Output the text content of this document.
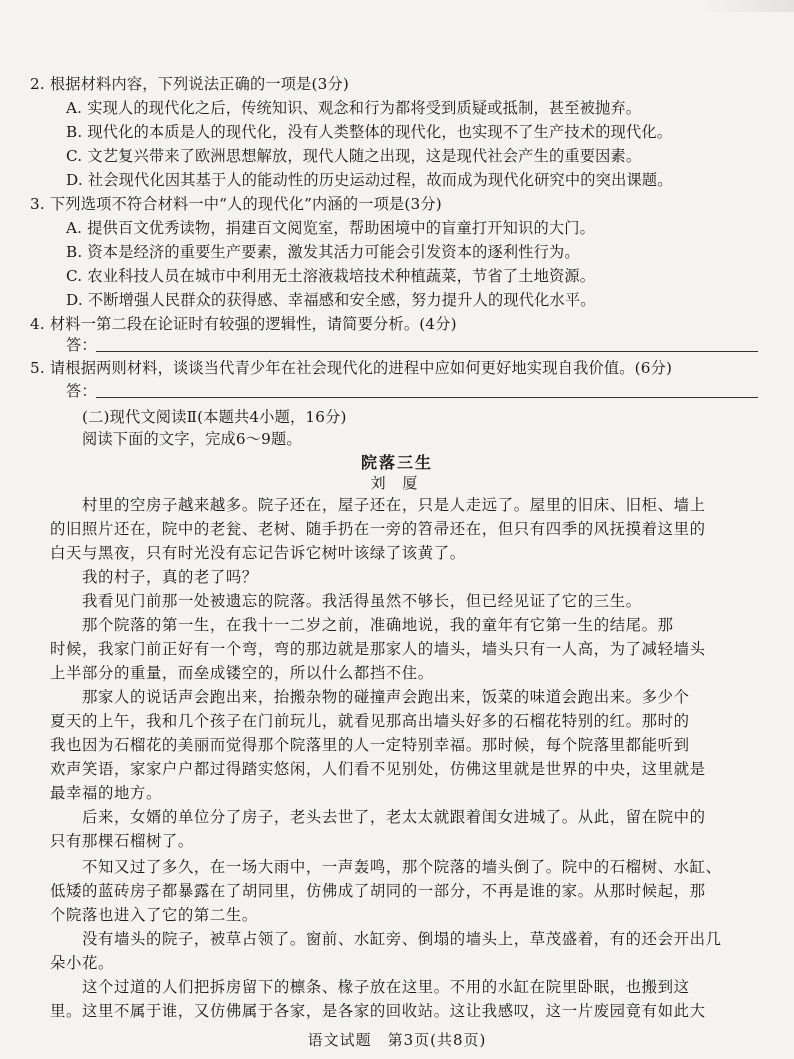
2. 根据材料内容，下列说法正确的一项是(3分)
A. 实现人的现代化之后，传统知识、观念和行为都将受到质疑或抵制，甚至被抛弃。
B. 现代化的本质是人的现代化，没有人类整体的现代化，也实现不了生产技术的现代化。
C. 文艺复兴带来了欧洲思想解放，现代人随之出现，这是现代社会产生的重要因素。
D. 社会现代化因其基于人的能动性的历史运动过程，故而成为现代化研究中的突出课题。
3. 下列选项不符合材料一中“人的现代化”内涵的一项是(3分)
A. 提供百文优秀读物，捐建百文阅览室，帮助困境中的盲童打开知识的大门。
B. 资本是经济的重要生产要素，激发其活力可能会引发资本的逐利性行为。
C. 农业科技人员在城市中利用无土溶液栽培技术种植蔬菜，节省了土地资源。
D. 不断增强人民群众的获得感、幸福感和安全感，努力提升人的现代化水平。
4. 材料一第二段在论证时有较强的逻辑性，请简要分析。(4分)
答：
5. 请根据两则材料，谈谈当代青少年在社会现代化的进程中应如何更好地实现自我价值。(6分)
答：
(二)现代文阅读Ⅱ(本题共4小题，16分)
阅读下面的文字，完成6～9题。
院落三生
刘 厦
村里的空房子越来越多。院子还在，屋子还在，只是人走远了。屋里的旧床、旧柜、墙上
的旧照片还在，院中的老瓮、老树、随手扔在一旁的笤帚还在，但只有四季的风抚摸着这里的
白天与黑夜，只有时光没有忘记告诉它树叶该绿了该黄了。
我的村子，真的老了吗？
我看见门前那一处被遗忘的院落。我活得虽然不够长，但已经见证了它的三生。
那个院落的第一生，在我十一二岁之前，准确地说，我的童年有它第一生的结尾。那
时候，我家门前正好有一个弯，弯的那边就是那家人的墙头，墙头只有一人高，为了减轻墙头
上半部分的重量，而垒成镂空的，所以什么都挡不住。
那家人的说话声会跑出来，抬搬杂物的碰撞声会跑出来，饭菜的味道会跑出来。多少个
夏天的上午，我和几个孩子在门前玩儿，就看见那高出墙头好多的石榴花特别的红。那时的
我也因为石榴花的美丽而觉得那个院落里的人一定特别幸福。那时候，每个院落里都能听到
欢声笑语，家家户户都过得踏实悠闲，人们看不见别处，仿佛这里就是世界的中央，这里就是
最幸福的地方。
后来，女婿的单位分了房子，老头去世了，老太太就跟着闺女进城了。从此，留在院中的
只有那棵石榴树了。
不知又过了多久，在一场大雨中，一声轰鸣，那个院落的墙头倒了。院中的石榴树、水缸、
低矮的蓝砖房子都暴露在了胡同里，仿佛成了胡同的一部分，不再是谁的家。从那时候起，那
个院落也进入了它的第二生。
没有墙头的院子，被草占领了。窗前、水缸旁、倒塌的墙头上，草茂盛着，有的还会开出几
朵小花。
这个过道的人们把拆房留下的檩条、椽子放在这里。不用的水缸在院里卧眠，也搬到这
里。这里不属于谁，又仿佛属于各家，是各家的回收站。这让我感叹，这一片废园竟有如此大
语文试题　第3页(共8页)
